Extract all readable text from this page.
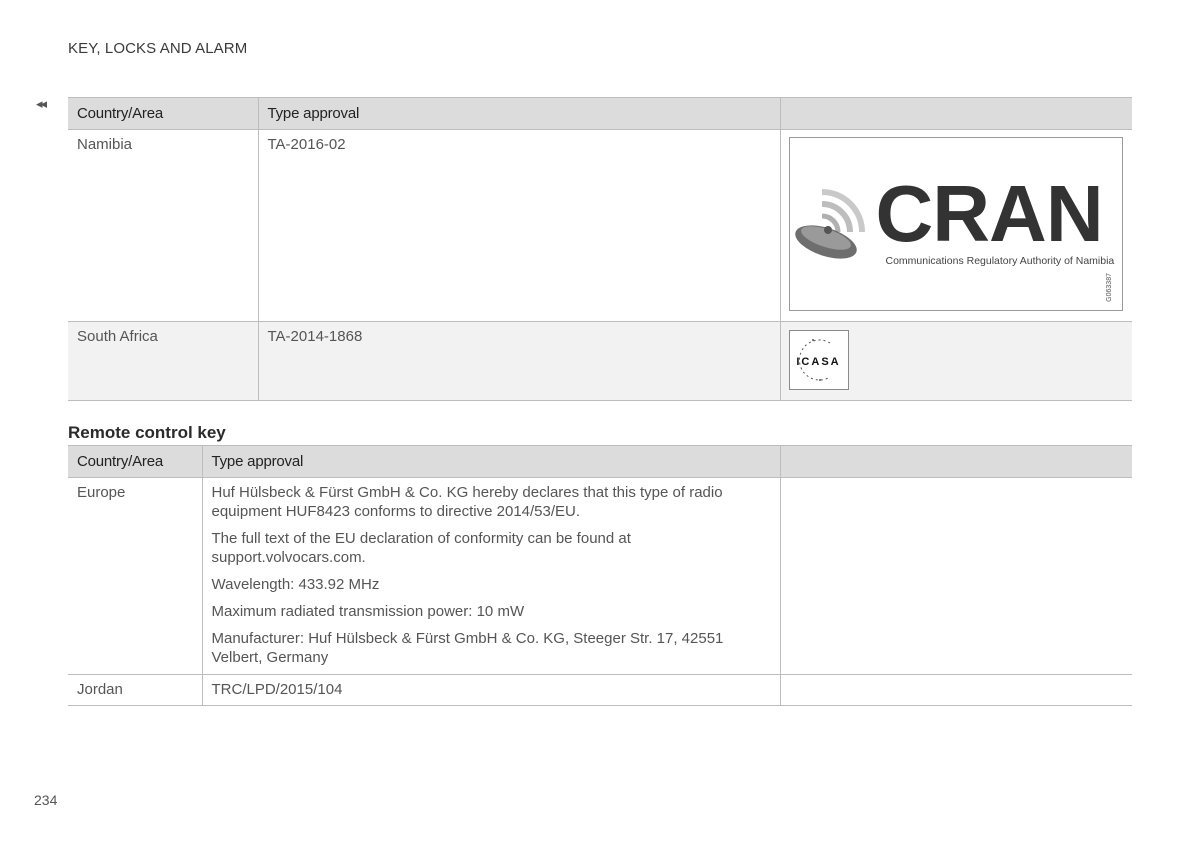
KEY, LOCKS AND ALARM
◂◂
Country/Area	Type approval	
Namibia	TA-2016-02	CRAN
Communications Regulatory Authority of Namibia
G063387

South Africa	TA-2014-1868	ICASA
Remote control key
Country/Area	Type approval	
Europe	Huf Hülsbeck & Fürst GmbH & Co. KG hereby declares that this type of radio equipment HUF8423 conforms to directive 2014/53/EU.

The full text of the EU declaration of conformity can be found at support.volvocars.com.

Wavelength: 433.92 MHz

Maximum radiated transmission power: 10 mW

Manufacturer: Huf Hülsbeck & Fürst GmbH & Co. KG, Steeger Str. 17, 42551 Velbert, Germany	

Jordan	TRC/LPD/2015/104	
234
